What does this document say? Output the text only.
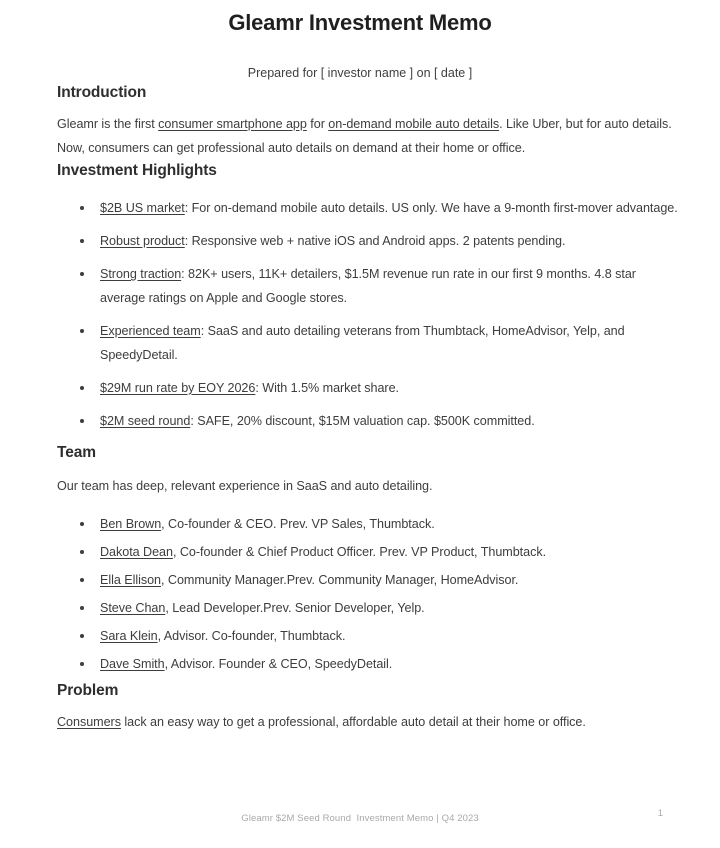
Gleamr Investment Memo
Prepared for [ investor name ] on [ date ]
Introduction

Gleamr is the first consumer smartphone app for on-demand mobile auto details. Like Uber, but for auto details. Now, consumers can get professional auto details on demand at their home or office.

Investment Highlights
$2B US market: For on-demand mobile auto details. US only. We have a 9-month first-mover advantage.
Robust product: Responsive web + native iOS and Android apps. 2 patents pending.
Strong traction: 82K+ users, 11K+ detailers, $1.5M revenue run rate in our first 9 months. 4.8 star average ratings on Apple and Google stores.
Experienced team: SaaS and auto detailing veterans from Thumbtack, HomeAdvisor, Yelp, and SpeedyDetail.
$29M run rate by EOY 2026: With 1.5% market share.
$2M seed round: SAFE, 20% discount, $15M valuation cap. $500K committed.
Team

Our team has deep, relevant experience in SaaS and auto detailing.

Ben Brown, Co-founder & CEO. Prev. VP Sales, Thumbtack.
Dakota Dean, Co-founder & Chief Product Officer. Prev. VP Product, Thumbtack.
Ella Ellison, Community Manager.Prev. Community Manager, HomeAdvisor.
Steve Chan, Lead Developer.Prev. Senior Developer, Yelp.
Sara Klein, Advisor. Co-founder, Thumbtack.
Dave Smith, Advisor. Founder & CEO, SpeedyDetail.
Problem

Consumers lack an easy way to get a professional, affordable auto detail at their home or office.

Gleamr $2M Seed Round  Investment Memo | Q4 2023	1
